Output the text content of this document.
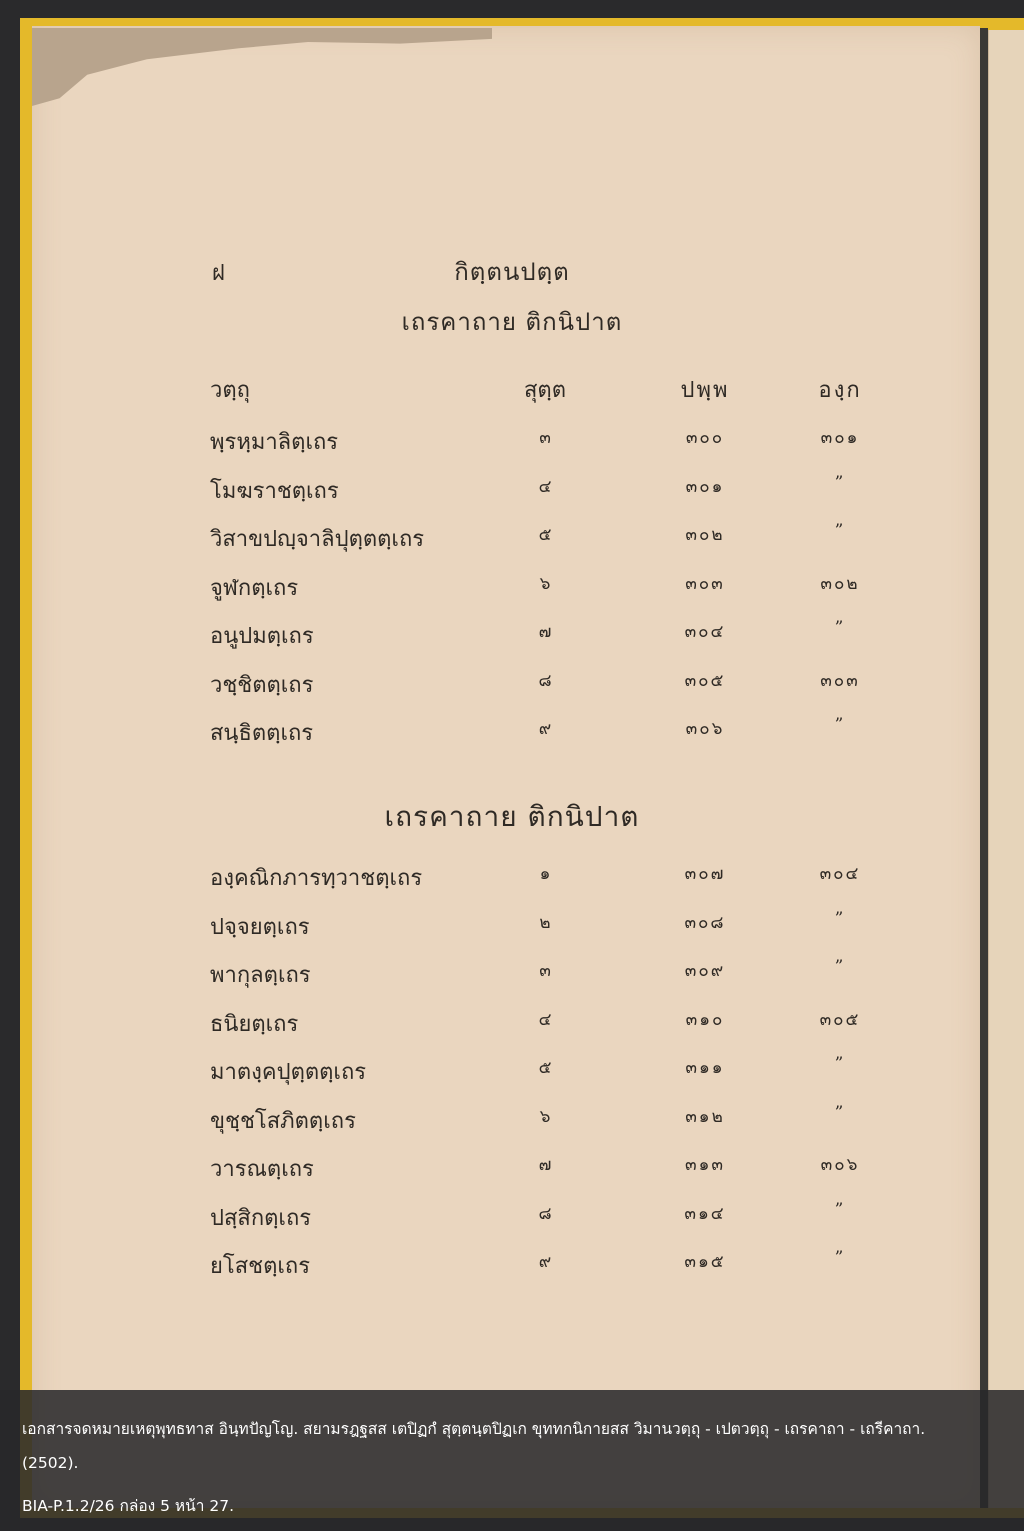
ฝ	กิตฺตนปตฺต
เถรคาถาย ติกนิปาต
วตฺถุ	สุตฺต	ปพฺพ	องฺก
พฺรหฺมาลิตฺเถร	๓	๓๐๐	๓๐๑
โมฆราชตฺเถร	๔	๓๐๑	”
วิสาขปญฺจาลิปุตฺตตฺเถร	๕	๓๐๒	”
จูฬกตฺเถร	๖	๓๐๓	๓๐๒
อนูปมตฺเถร	๗	๓๐๔	”
วชฺชิตตฺเถร	๘	๓๐๕	๓๐๓
สนฺธิตตฺเถร	๙	๓๐๖	”
เถรคาถาย ติกนิปาต
องฺคณิกภารทฺวาชตฺเถร	๑	๓๐๗	๓๐๔
ปจฺจยตฺเถร	๒	๓๐๘	”
พากุลตฺเถร	๓	๓๐๙	”
ธนิยตฺเถร	๔	๓๑๐	๓๐๕
มาตงฺคปุตฺตตฺเถร	๕	๓๑๑	”
ขุชฺชโสภิตตฺเถร	๖	๓๑๒	”
วารณตฺเถร	๗	๓๑๓	๓๐๖
ปสฺสิกตฺเถร	๘	๓๑๔	”
ยโสชตฺเถร	๙	๓๑๕	”
เอกสารจดหมายเหตุพุทธทาส อินฺทปัญโญ. สยามรฎฐสส เตปิฏกํ สุตฺตนฺตปิฏเก ขุททกนิกายสส วิมานวตฺถุ - เปตวตฺถุ - เถรคาถา - เถรีคาถา. (2502).
BIA-P.1.2/26 กล่อง 5 หน้า 27.
